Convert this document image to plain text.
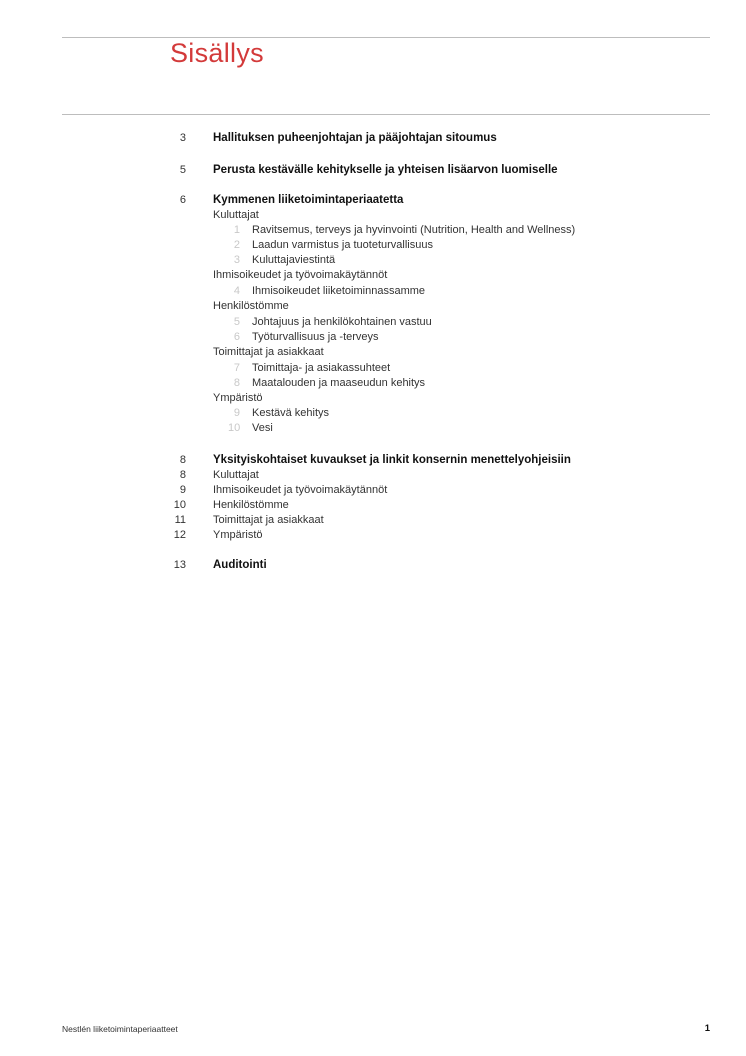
Sisällys
3 Hallituksen puheenjohtajan ja pääjohtajan sitoumus
5 Perusta kestävälle kehitykselle ja yhteisen lisäarvon luomiselle
6 Kymmenen liiketoimintaperiaatetta
Kuluttajat
1 Ravitsemus, terveys ja hyvinvointi (Nutrition, Health and Wellness)
2 Laadun varmistus ja tuoteturvallisuus
3 Kuluttajaviestintä
Ihmisoikeudet ja työvoimakäytännöt
4 Ihmisoikeudet liiketoiminnassamme
Henkilöstömme
5 Johtajuus ja henkilökohtainen vastuu
6 Työturvallisuus ja -terveys
Toimittajat ja asiakkaat
7 Toimittaja- ja asiakassuhteet
8 Maatalouden ja maaseudun kehitys
Ympäristö
9 Kestävä kehitys
10 Vesi
8 Yksityiskohtaiset kuvaukset ja linkit konsernin menettelyohjeisiin
8 Kuluttajat
9 Ihmisoikeudet ja työvoimakäytännöt
10 Henkilöstömme
11 Toimittajat ja asiakkaat
12 Ympäristö
13 Auditointi
Nestlén liiketoimintaperiaatteet	1
